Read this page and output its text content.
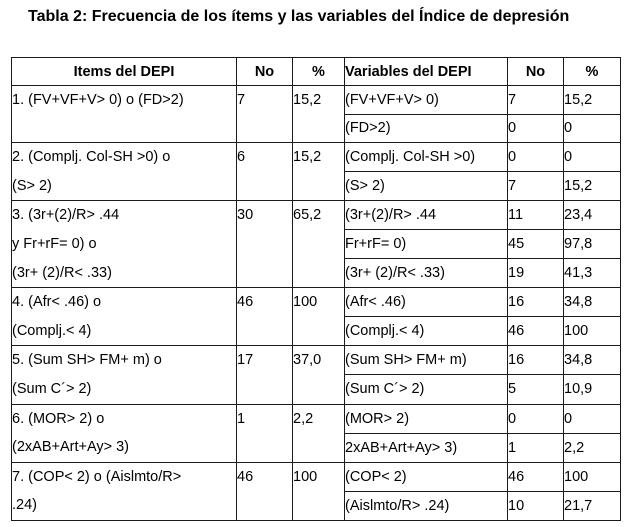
Tabla 2: Frecuencia de los ítems y las variables del Índice de depresión
Items del DEPI	No	%	Variables del DEPI	No	%

1. (FV+VF+V> 0) o (FD>2)	7	15,2	(FV+VF+V> 0)	7	15,2
			(FD>2)	0	0

2. (Complj. Col-SH >0) o
(S> 2)	6	15,2	(Complj. Col-SH >0)	0	0
			(S> 2)	7	15,2

3. (3r+(2)/R> .44
y Fr+rF= 0) o
(3r+ (2)/R< .33)	30	65,2	(3r+(2)/R> .44	11	23,4
			Fr+rF= 0)	45	97,8
			(3r+ (2)/R< .33)	19	41,3

4. (Afr< .46) o
(Complj.< 4)	46	100	(Afr< .46)	16	34,8
			(Complj.< 4)	46	100

5. (Sum SH> FM+ m) o
(Sum C´> 2)	17	37,0	(Sum SH> FM+ m)	16	34,8
			(Sum C´> 2)	5	10,9

6. (MOR> 2) o
(2xAB+Art+Ay> 3)	1	2,2	(MOR> 2)	0	0
			2xAB+Art+Ay> 3)	1	2,2

7. (COP< 2) o (Aislmto/R>
.24)	46	100	(COP< 2)	46	100
			(Aislmto/R> .24)	10	21,7
